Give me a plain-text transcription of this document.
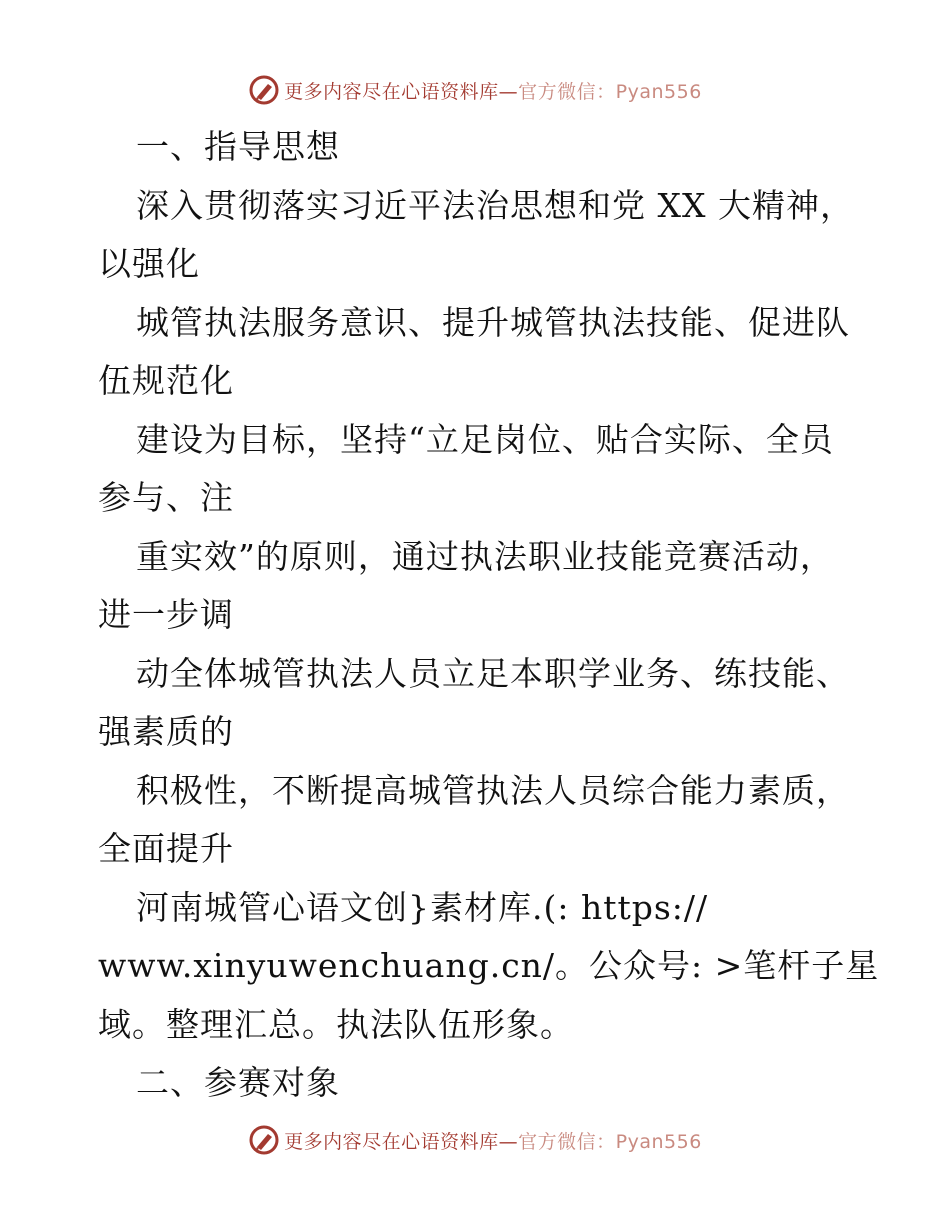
更多内容尽在心语资料库—官方微信：Pyan556
一、指导思想
深入贯彻落实习近平法治思想和党 XX 大精神，
以强化
城管执法服务意识、提升城管执法技能、促进队
伍规范化
建设为目标，坚持“立足岗位、贴合实际、全员
参与、注
重实效”的原则，通过执法职业技能竞赛活动，
进一步调
动全体城管执法人员立足本职学业务、练技能、
强素质的
积极性，不断提高城管执法人员综合能力素质，
全面提升
河南城管心语文创}素材库.(: https://
www.xinyuwenchuang.cn/。公众号: >笔杆子星
域。整理汇总。执法队伍形象。
二、参赛对象
更多内容尽在心语资料库—官方微信：Pyan556
